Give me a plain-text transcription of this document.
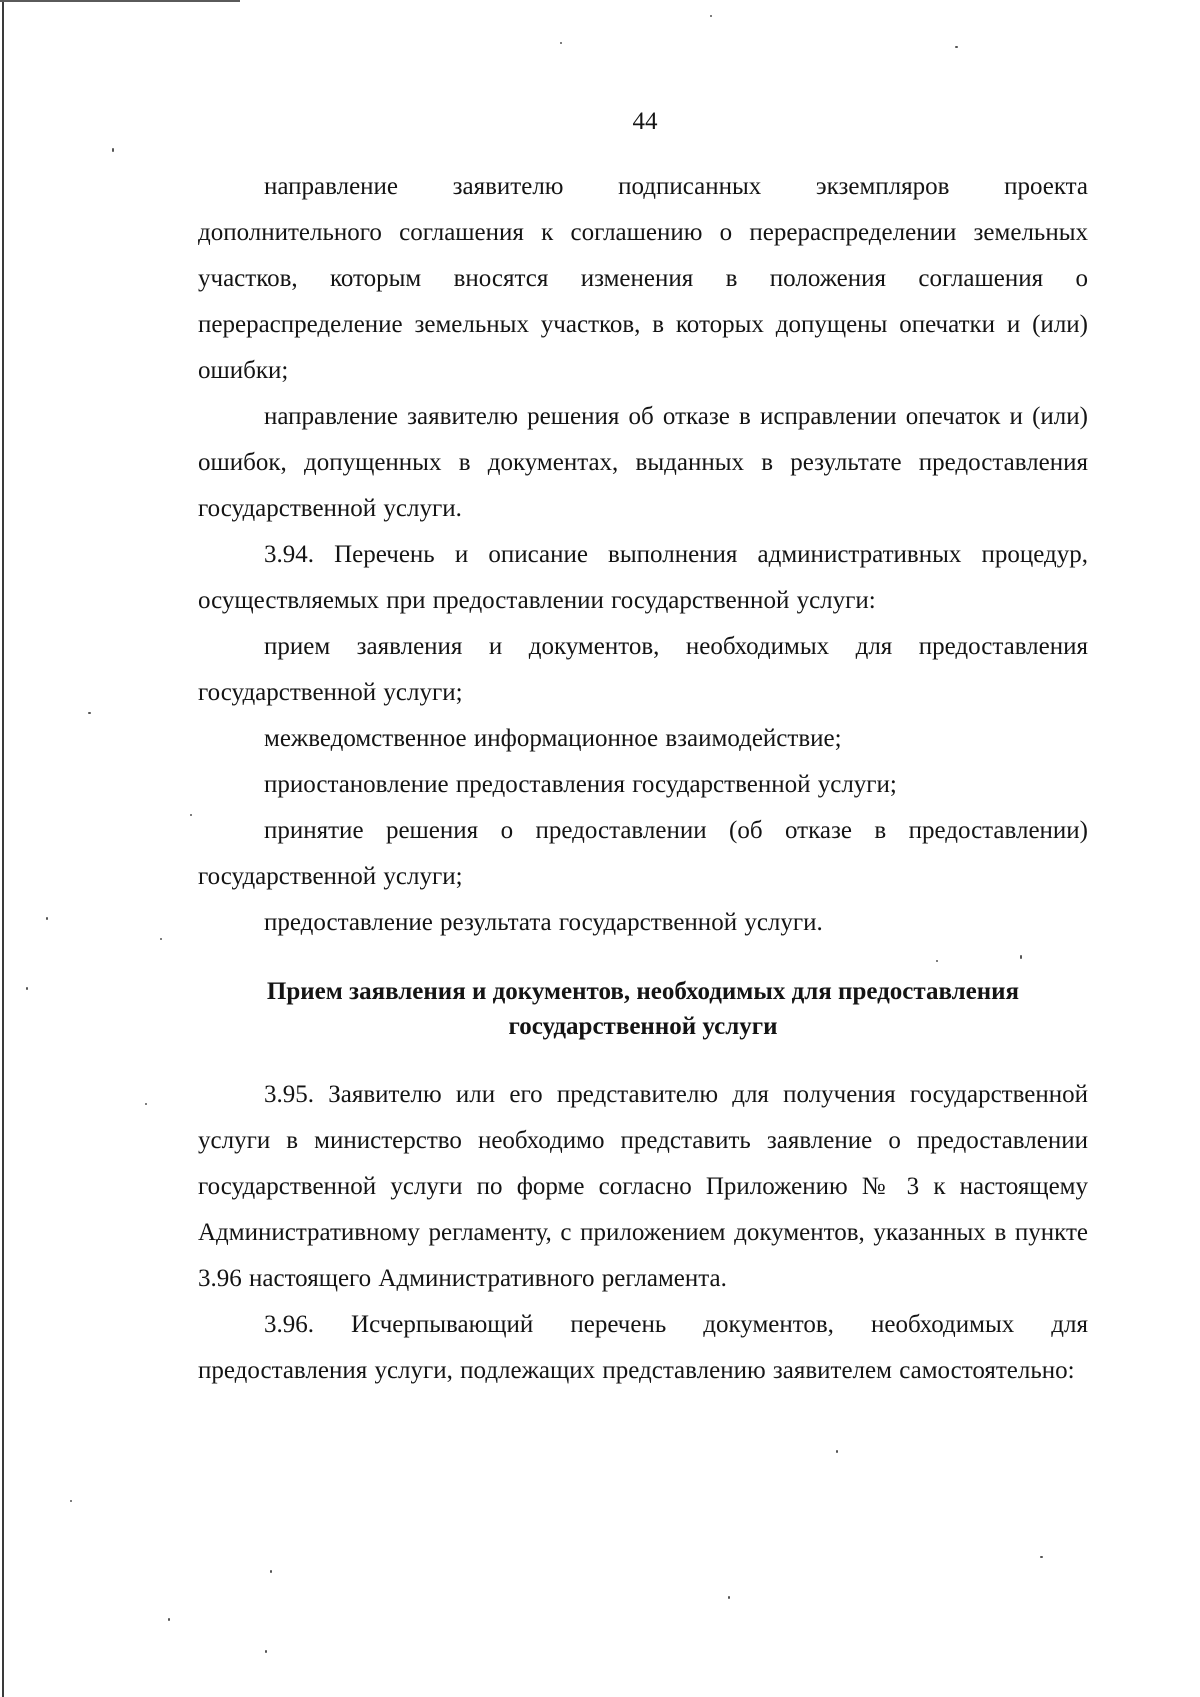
44

направление заявителю подписанных экземпляров проекта дополнительного соглашения к соглашению о перераспределении земельных участков, которым вносятся изменения в положения соглашения о перераспределение земельных участков, в которых допущены опечатки и (или) ошибки;

направление заявителю решения об отказе в исправлении опечаток и (или) ошибок, допущенных в документах, выданных в результате предоставления государственной услуги.

3.94. Перечень и описание выполнения административных процедур, осуществляемых при предоставлении государственной услуги:

прием заявления и документов, необходимых для предоставления государственной услуги;

межведомственное информационное взаимодействие;

приостановление предоставления государственной услуги;

принятие решения о предоставлении (об отказе в предоставлении) государственной услуги;

предоставление результата государственной услуги.

Прием заявления и документов, необходимых для предоставления
государственной услуги

3.95. Заявителю или его представителю для получения государственной услуги в министерство необходимо представить заявление о предоставлении государственной услуги по форме согласно Приложению № 3 к настоящему Административному регламенту, с приложением документов, указанных в пункте 3.96 настоящего Административного регламента.

3.96. Исчерпывающий перечень документов, необходимых для предоставления услуги, подлежащих представлению заявителем самостоятельно:
